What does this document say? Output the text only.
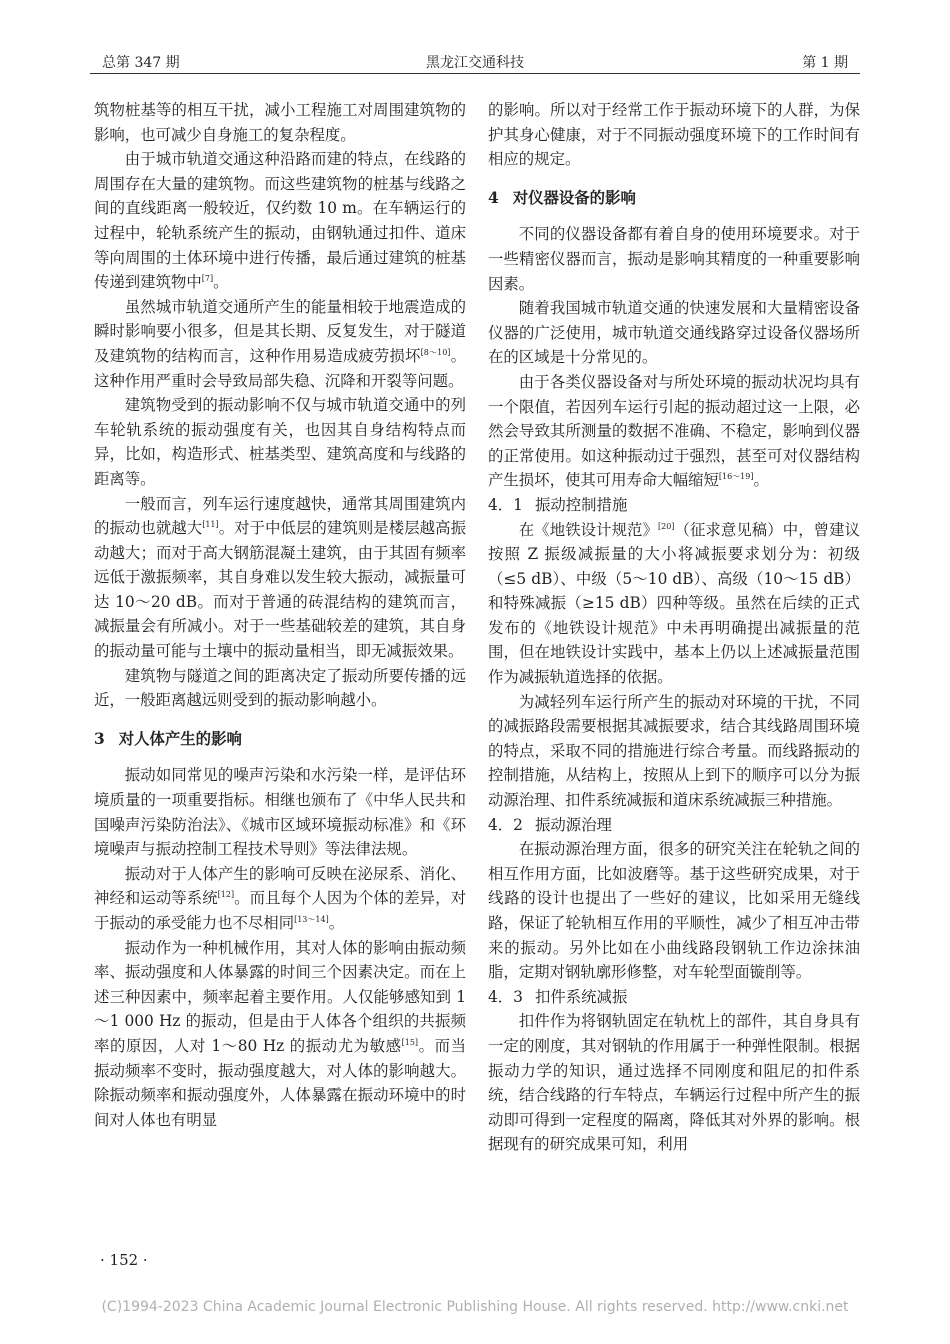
总第 347 期	黑龙江交通科技	第 1 期

筑物桩基等的相互干扰，减小工程施工对周围建筑物的影响，也可减少自身施工的复杂程度。

由于城市轨道交通这种沿路而建的特点，在线路的周围存在大量的建筑物。而这些建筑物的桩基与线路之间的直线距离一般较近，仅约数 10 m。在车辆运行的过程中，轮轨系统产生的振动，由钢轨通过扣件、道床等向周围的土体环境中进行传播，最后通过建筑的桩基传递到建筑物中[7]。

虽然城市轨道交通所产生的能量相较于地震造成的瞬时影响要小很多，但是其长期、反复发生，对于隧道及建筑物的结构而言，这种作用易造成疲劳损坏[8～10]。这种作用严重时会导致局部失稳、沉降和开裂等问题。

建筑物受到的振动影响不仅与城市轨道交通中的列车轮轨系统的振动强度有关，也因其自身结构特点而异，比如，构造形式、桩基类型、建筑高度和与线路的距离等。

一般而言，列车运行速度越快，通常其周围建筑内的振动也就越大[11]。对于中低层的建筑则是楼层越高振动越大；而对于高大钢筋混凝土建筑，由于其固有频率远低于激振频率，其自身难以发生较大振动，减振量可达 10～20 dB。而对于普通的砖混结构的建筑而言，减振量会有所减小。对于一些基础较差的建筑，其自身的振动量可能与土壤中的振动量相当，即无减振效果。

建筑物与隧道之间的距离决定了振动所要传播的远近，一般距离越远则受到的振动影响越小。

3 对人体产生的影响

振动如同常见的噪声污染和水污染一样，是评估环境质量的一项重要指标。相继也颁布了《中华人民共和国噪声污染防治法》、《城市区域环境振动标准》和《环境噪声与振动控制工程技术导则》等法律法规。

振动对于人体产生的影响可反映在泌尿系、消化、神经和运动等系统[12]。而且每个人因为个体的差异，对于振动的承受能力也不尽相同[13～14]。

振动作为一种机械作用，其对人体的影响由振动频率、振动强度和人体暴露的时间三个因素决定。而在上述三种因素中，频率起着主要作用。人仅能够感知到 1～1 000 Hz 的振动，但是由于人体各个组织的共振频率的原因，人对 1～80 Hz 的振动尤为敏感[15]。而当振动频率不变时，振动强度越大，对人体的影响越大。除振动频率和振动强度外，人体暴露在振动环境中的时间对人体也有明显

的影响。所以对于经常工作于振动环境下的人群，为保护其身心健康，对于不同振动强度环境下的工作时间有相应的规定。

4 对仪器设备的影响

不同的仪器设备都有着自身的使用环境要求。对于一些精密仪器而言，振动是影响其精度的一种重要影响因素。

随着我国城市轨道交通的快速发展和大量精密设备仪器的广泛使用，城市轨道交通线路穿过设备仪器场所在的区域是十分常见的。

由于各类仪器设备对与所处环境的振动状况均具有一个限值，若因列车运行引起的振动超过这一上限，必然会导致其所测量的数据不准确、不稳定，影响到仪器的正常使用。如这种振动过于强烈，甚至可对仪器结构产生损坏，使其可用寿命大幅缩短[16～19]。

4．1 振动控制措施

在《地铁设计规范》[20]（征求意见稿）中，曾建议按照 Z 振级减振量的大小将减振要求划分为：初级（≤5 dB）、中级（5～10 dB）、高级（10～15 dB）和特殊减振（≥15 dB）四种等级。虽然在后续的正式发布的《地铁设计规范》中未再明确提出减振量的范围，但在地铁设计实践中，基本上仍以上述减振量范围作为减振轨道选择的依据。

为减轻列车运行所产生的振动对环境的干扰，不同的减振路段需要根据其减振要求，结合其线路周围环境的特点，采取不同的措施进行综合考量。而线路振动的控制措施，从结构上，按照从上到下的顺序可以分为振动源治理、扣件系统减振和道床系统减振三种措施。

4．2 振动源治理

在振动源治理方面，很多的研究关注在轮轨之间的相互作用方面，比如波磨等。基于这些研究成果，对于线路的设计也提出了一些好的建议，比如采用无缝线路，保证了轮轨相互作用的平顺性，减少了相互冲击带来的振动。另外比如在小曲线路段钢轨工作边涂抹油脂，定期对钢轨廓形修整，对车轮型面镟削等。

4．3 扣件系统减振

扣件作为将钢轨固定在轨枕上的部件，其自身具有一定的刚度，其对钢轨的作用属于一种弹性限制。根据振动力学的知识，通过选择不同刚度和阻尼的扣件系统，结合线路的行车特点，车辆运行过程中所产生的振动即可得到一定程度的隔离，降低其对外界的影响。根据现有的研究成果可知，利用

· 152 ·
(C)1994-2023 China Academic Journal Electronic Publishing House. All rights reserved. http://www.cnki.net
